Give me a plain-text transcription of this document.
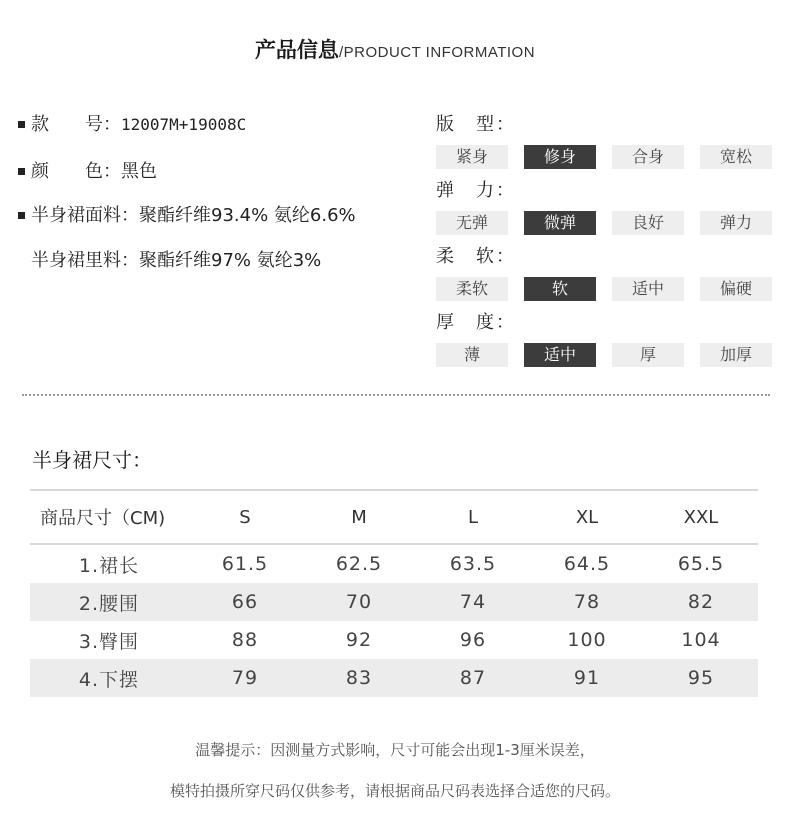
产品信息/PRODUCT INFORMATION
款　　号：12007M+19008C
颜　　色：黑色
半身裙面料：聚酯纤维93.4% 氨纶6.6%
半身裙里料：聚酯纤维97% 氨纶3%
版　型：
紧身	修身	合身	宽松
弹　力：
无弹	微弹	良好	弹力
柔　软：
柔软	软	适中	偏硬
厚　度：
薄	适中	厚	加厚
半身裙尺寸：
商品尺寸（CM)	S	M	L	XL	XXL
1.裙长	61.5	62.5	63.5	64.5	65.5
2.腰围	66	70	74	78	82
3.臀围	88	92	96	100	104
4.下摆	79	83	87	91	95
温馨提示：因测量方式影响，尺寸可能会出现1-3厘米误差，
模特拍摄所穿尺码仅供参考，请根据商品尺码表选择合适您的尺码。
